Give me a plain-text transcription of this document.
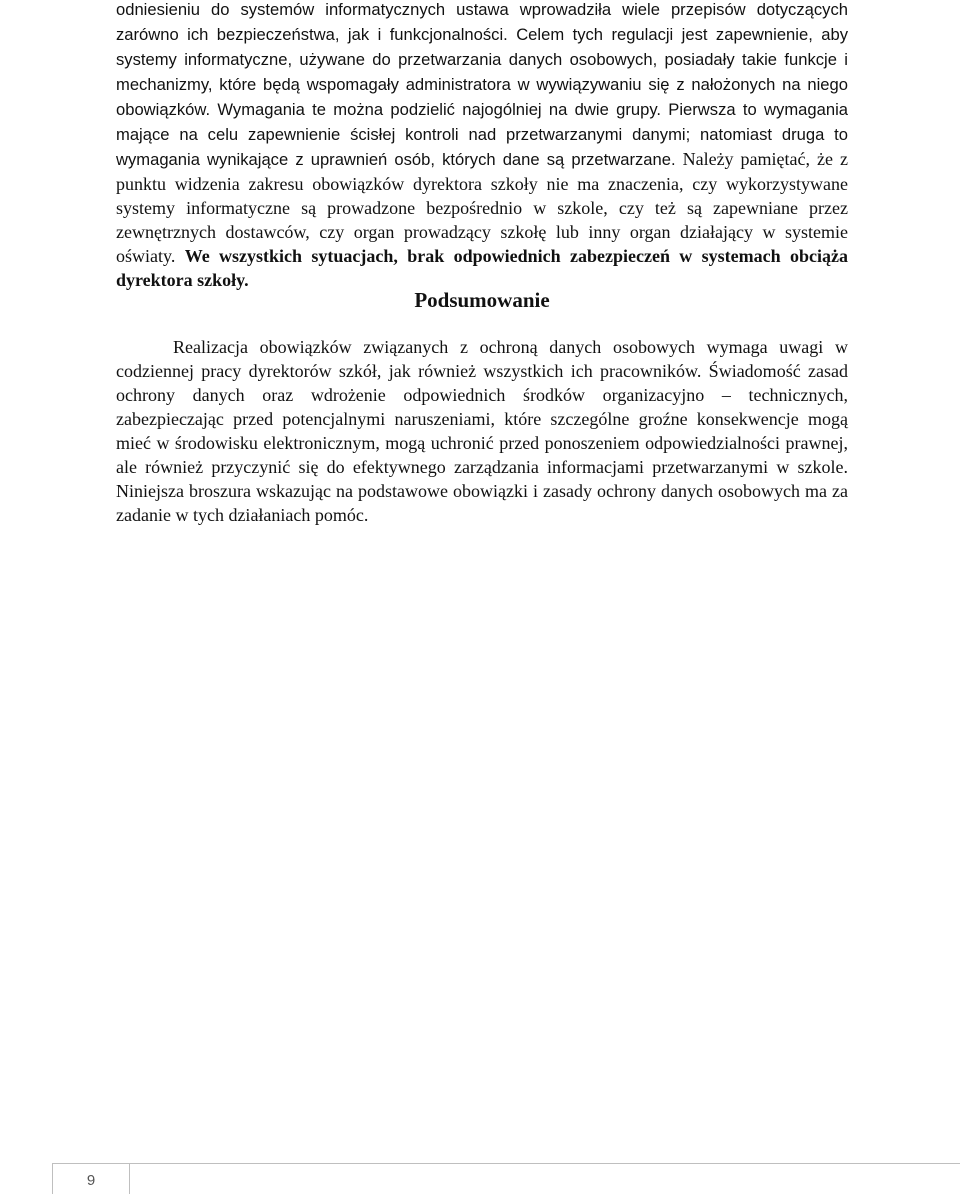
odniesieniu do systemów informatycznych ustawa wprowadziła wiele przepisów dotyczących zarówno ich bezpieczeństwa, jak i funkcjonalności. Celem tych regulacji jest zapewnienie, aby systemy informatyczne, używane do przetwarzania danych osobowych, posiadały takie funkcje i mechanizmy, które będą wspomagały administratora w wywiązywaniu się z nałożonych na niego obowiązków. Wymagania te można podzielić najogólniej na dwie grupy. Pierwsza to wymagania mające na celu zapewnienie ścisłej kontroli nad przetwarzanymi danymi; natomiast druga to wymagania wynikające z uprawnień osób, których dane są przetwarzane. Należy pamiętać, że z punktu widzenia zakresu obowiązków dyrektora szkoły nie ma znaczenia, czy wykorzystywane systemy informatyczne są prowadzone bezpośrednio w szkole, czy też są zapewniane przez zewnętrznych dostawców, czy organ prowadzący szkołę lub inny organ działający w systemie oświaty. We wszystkich sytuacjach, brak odpowiednich zabezpieczeń w systemach obciąża dyrektora szkoły.

Podsumowanie

Realizacja obowiązków związanych z ochroną danych osobowych wymaga uwagi w codziennej pracy dyrektorów szkół, jak również wszystkich ich pracowników. Świadomość zasad ochrony danych oraz wdrożenie odpowiednich środków organizacyjno – technicznych, zabezpieczając przed potencjalnymi naruszeniami, które szczególne groźne konsekwencje mogą mieć w środowisku elektronicznym, mogą uchronić przed ponoszeniem odpowiedzialności prawnej, ale również przyczynić się do efektywnego zarządzania informacjami przetwarzanymi w szkole. Niniejsza broszura wskazując na podstawowe obowiązki i zasady ochrony danych osobowych ma za zadanie w tych działaniach pomóc.

9
